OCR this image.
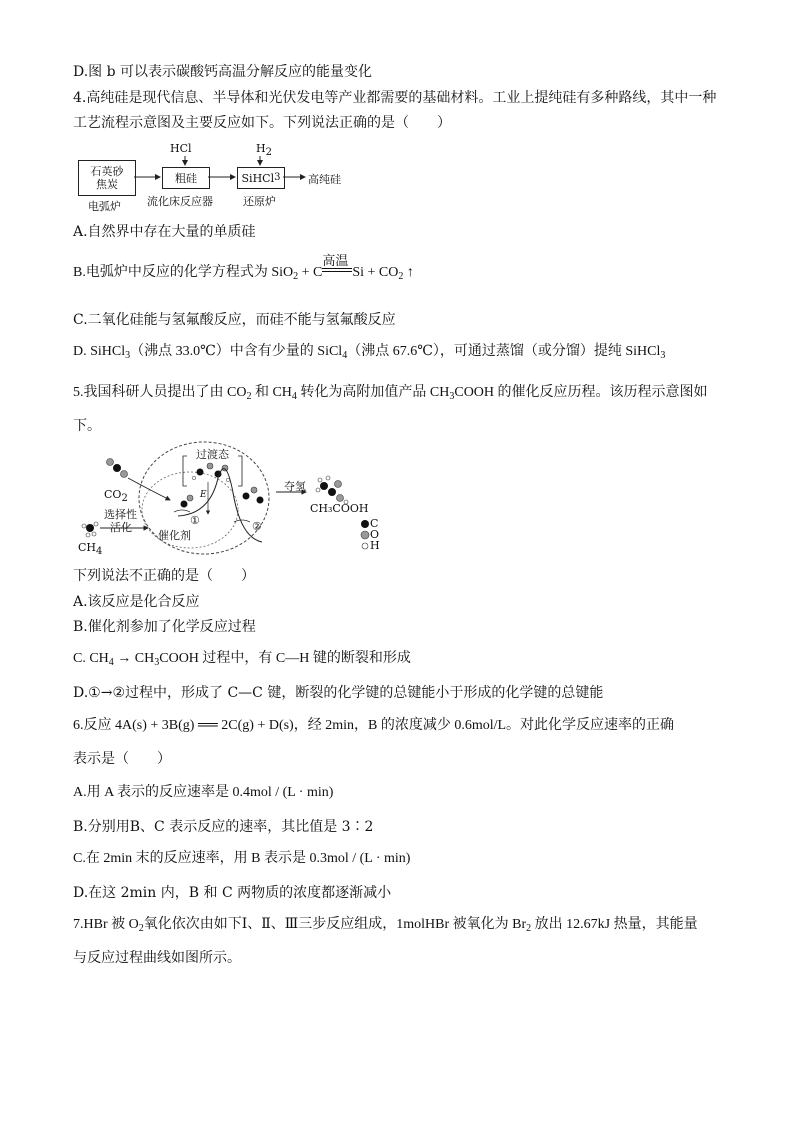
D.图 b 可以表示碳酸钙高温分解反应的能量变化
4.高纯硅是现代信息、半导体和光伏发电等产业都需要的基础材料。工业上提纯硅有多种路线，其中一种
工艺流程示意图及主要反应如下。下列说法正确的是（　　）
石英砂
焦炭
电弧炉
HCl
粗硅
流化床反应器
$H_2$
SiHCl 3
还原炉
高纯硅
A.自然界中存在大量的单质硅
B.电弧炉中反应的化学方程式为 SiO$_2$ + C
高温
$Si + CO_2$ ↑
C.二氧化硅能与氢氟酸反应，而硅不能与氢氟酸反应
D. SiHCl$_3$（沸点 33.0℃）中含有少量的 SiCl$_4$（沸点 67.6℃），可通过蒸馏（或分馏）提纯 SiHCl$_3$
5.我国科研人员提出了由 $CO_2$ 和 $CH_4$ 转化为高附加值产品 $CH_3COOH$ 的催化反应历程。该历程示意图如
下。
$CO_2$
$CH_4$
选择性
活化
过渡态
催化剂
①	②
E
夺氢
CH₃COOH
C
O
H
下列说法不正确的是（　　）
A.该反应是化合反应
B.催化剂参加了化学反应过程
C. $CH_4$ → $CH_3COOH$ 过程中，有 C—H 键的断裂和形成
D.①→②过程中，形成了 C—C 键，断裂的化学键的总键能小于形成的化学键的总键能
6.反应 4A(s) + 3B(g) ══ 2C(g) + D(s)，经 2min，B 的浓度减少 0.6mol/L。对此化学反应速率的正确
表示是（　　）
A.用 A 表示的反应速率是 0.4mol / (L · min)
B.分别用B、C 表示反应的速率，其比值是 3∶2
C.在 2min 末的反应速率，用 B 表示是 0.3mol / (L · min)
D.在这 2min 内，B 和 C 两物质的浓度都逐渐减小
7.HBr 被 $O_2$氧化依次由如下Ⅰ、Ⅱ、Ⅲ三步反应组成，1molHBr 被氧化为 $Br_2$ 放出 12.67kJ 热量，其能量
与反应过程曲线如图所示。
